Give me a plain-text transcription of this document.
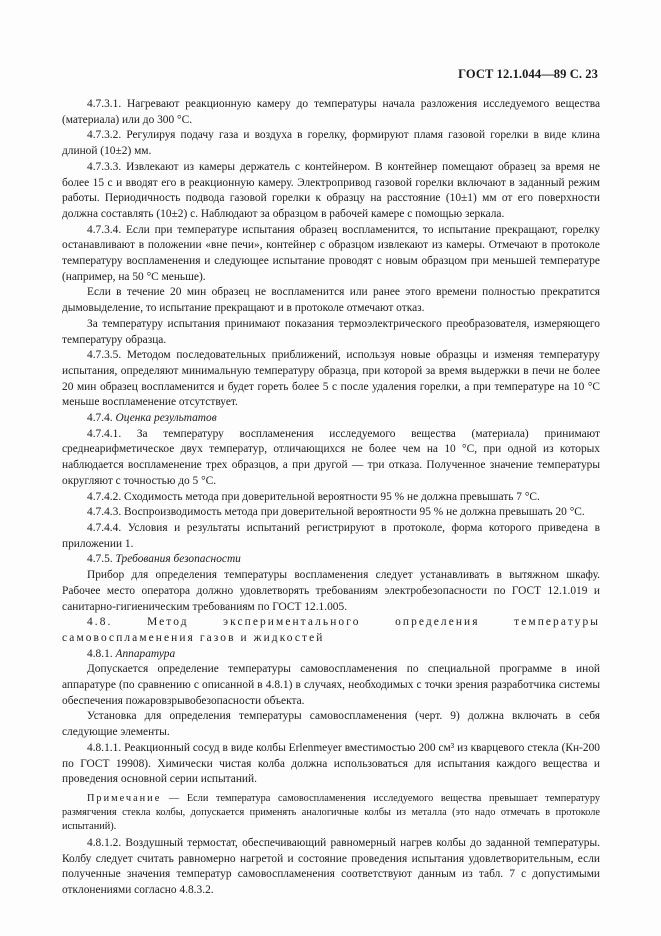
ГОСТ 12.1.044—89 С. 23

4.7.3.1. Нагревают реакционную камеру до температуры начала разложения исследуемого вещества (материала) или до 300 °С.

4.7.3.2. Регулируя подачу газа и воздуха в горелку, формируют пламя газовой горелки в виде клина длиной (10±2) мм.

4.7.3.3. Извлекают из камеры держатель с контейнером. В контейнер помещают образец за время не более 15 с и вводят его в реакционную камеру. Электропривод газовой горелки включают в заданный режим работы. Периодичность подвода газовой горелки к образцу на расстояние (10±1) мм от его поверхности должна составлять (10±2) с. Наблюдают за образцом в рабочей камере с помощью зеркала.

4.7.3.4. Если при температуре испытания образец воспламенится, то испытание прекращают, горелку останавливают в положении «вне печи», контейнер с образцом извлекают из камеры. Отмечают в протоколе температуру воспламенения и следующее испытание проводят с новым образцом при меньшей температуре (например, на 50 °С меньше).

Если в течение 20 мин образец не воспламенится или ранее этого времени полностью прекратится дымовыделение, то испытание прекращают и в протоколе отмечают отказ.

За температуру испытания принимают показания термоэлектрического преобразователя, измеряющего температуру образца.

4.7.3.5. Методом последовательных приближений, используя новые образцы и изменяя температуру испытания, определяют минимальную температуру образца, при которой за время выдержки в печи не более 20 мин образец воспламенится и будет гореть более 5 с после удаления горелки, а при температуре на 10 °С меньше воспламенение отсутствует.

4.7.4. Оценка результатов

4.7.4.1. За температуру воспламенения исследуемого вещества (материала) принимают среднеарифметическое двух температур, отличающихся не более чем на 10 °С, при одной из которых наблюдается воспламенение трех образцов, а при другой — три отказа. Полученное значение температуры округляют с точностью до 5 °С.

4.7.4.2. Сходимость метода при доверительной вероятности 95 % не должна превышать 7 °С.

4.7.4.3. Воспроизводимость метода при доверительной вероятности 95 % не должна превышать 20 °С.

4.7.4.4. Условия и результаты испытаний регистрируют в протоколе, форма которого приведена в приложении 1.

4.7.5. Требования безопасности

Прибор для определения температуры воспламенения следует устанавливать в вытяжном шкафу. Рабочее место оператора должно удовлетворять требованиям электробезопасности по ГОСТ 12.1.019 и санитарно-гигиеническим требованиям по ГОСТ 12.1.005.

4.8. Метод экспериментального определения температуры самовоспламенения газов и жидкостей

4.8.1. Аппаратура

Допускается определение температуры самовоспламенения по специальной программе в иной аппаратуре (по сравнению с описанной в 4.8.1) в случаях, необходимых с точки зрения разработчика системы обеспечения пожаровзрывобезопасности объекта.

Установка для определения температуры самовоспламенения (черт. 9) должна включать в себя следующие элементы.

4.8.1.1. Реакционный сосуд в виде колбы Erlenmeyer вместимостью 200 см³ из кварцевого стекла (Кн-200 по ГОСТ 19908). Химически чистая колба должна использоваться для испытания каждого вещества и проведения основной серии испытаний.

Примечание — Если температура самовоспламенения исследуемого вещества превышает температуру размягчения стекла колбы, допускается применять аналогичные колбы из металла (это надо отмечать в протоколе испытаний).

4.8.1.2. Воздушный термостат, обеспечивающий равномерный нагрев колбы до заданной температуры. Колбу следует считать равномерно нагретой и состояние проведения испытания удовлетворительным, если полученные значения температур самовоспламенения соответствуют данным из табл. 7 с допустимыми отклонениями согласно 4.8.3.2.
